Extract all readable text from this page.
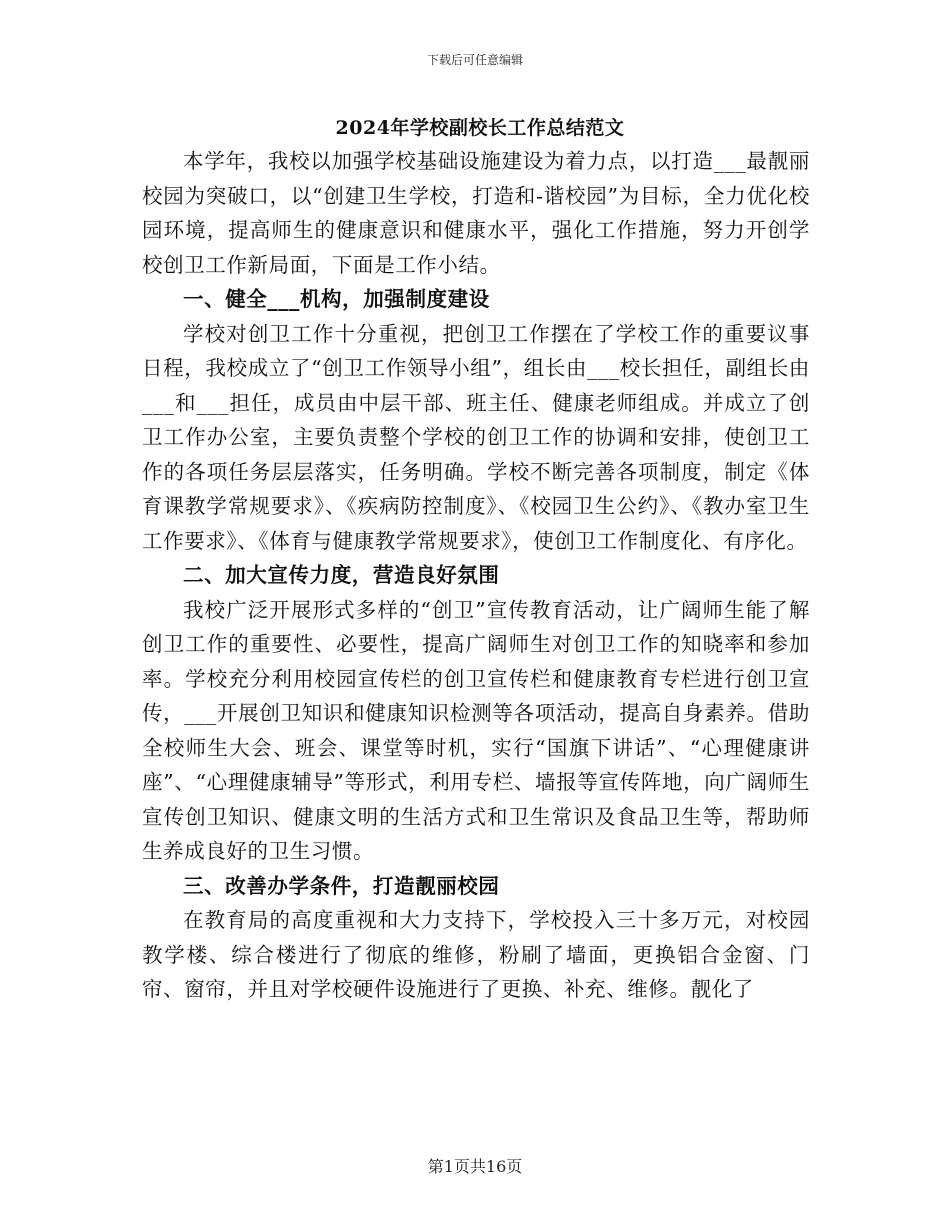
下载后可任意编辑
2024年学校副校长工作总结范文

本学年，我校以加强学校基础设施建设为着力点，以打造___最靓丽校园为突破口，以“创建卫生学校，打造和-谐校园”为目标，全力优化校园环境，提高师生的健康意识和健康水平，强化工作措施，努力开创学校创卫工作新局面，下面是工作小结。

一、健全___机构，加强制度建设

学校对创卫工作十分重视，把创卫工作摆在了学校工作的重要议事日程，我校成立了“创卫工作领导小组”，组长由___校长担任，副组长由___和___担任，成员由中层干部、班主任、健康老师组成。并成立了创卫工作办公室，主要负责整个学校的创卫工作的协调和安排，使创卫工作的各项任务层层落实，任务明确。学校不断完善各项制度，制定《体育课教学常规要求》、《疾病防控制度》、《校园卫生公约》、《教办室卫生工作要求》、《体育与健康教学常规要求》，使创卫工作制度化、有序化。

二、加大宣传力度，营造良好氛围

我校广泛开展形式多样的“创卫”宣传教育活动，让广阔师生能了解创卫工作的重要性、必要性，提高广阔师生对创卫工作的知晓率和参加率。学校充分利用校园宣传栏的创卫宣传栏和健康教育专栏进行创卫宣传，___开展创卫知识和健康知识检测等各项活动，提高自身素养。借助全校师生大会、班会、课堂等时机，实行“国旗下讲话”、“心理健康讲座”、“心理健康辅导”等形式，利用专栏、墙报等宣传阵地，向广阔师生宣传创卫知识、健康文明的生活方式和卫生常识及食品卫生等，帮助师生养成良好的卫生习惯。

三、改善办学条件，打造靓丽校园

在教育局的高度重视和大力支持下，学校投入三十多万元，对校园教学楼、综合楼进行了彻底的维修，粉刷了墙面，更换铝合金窗、门帘、窗帘，并且对学校硬件设施进行了更换、补充、维修。靓化了

第1页共16页
